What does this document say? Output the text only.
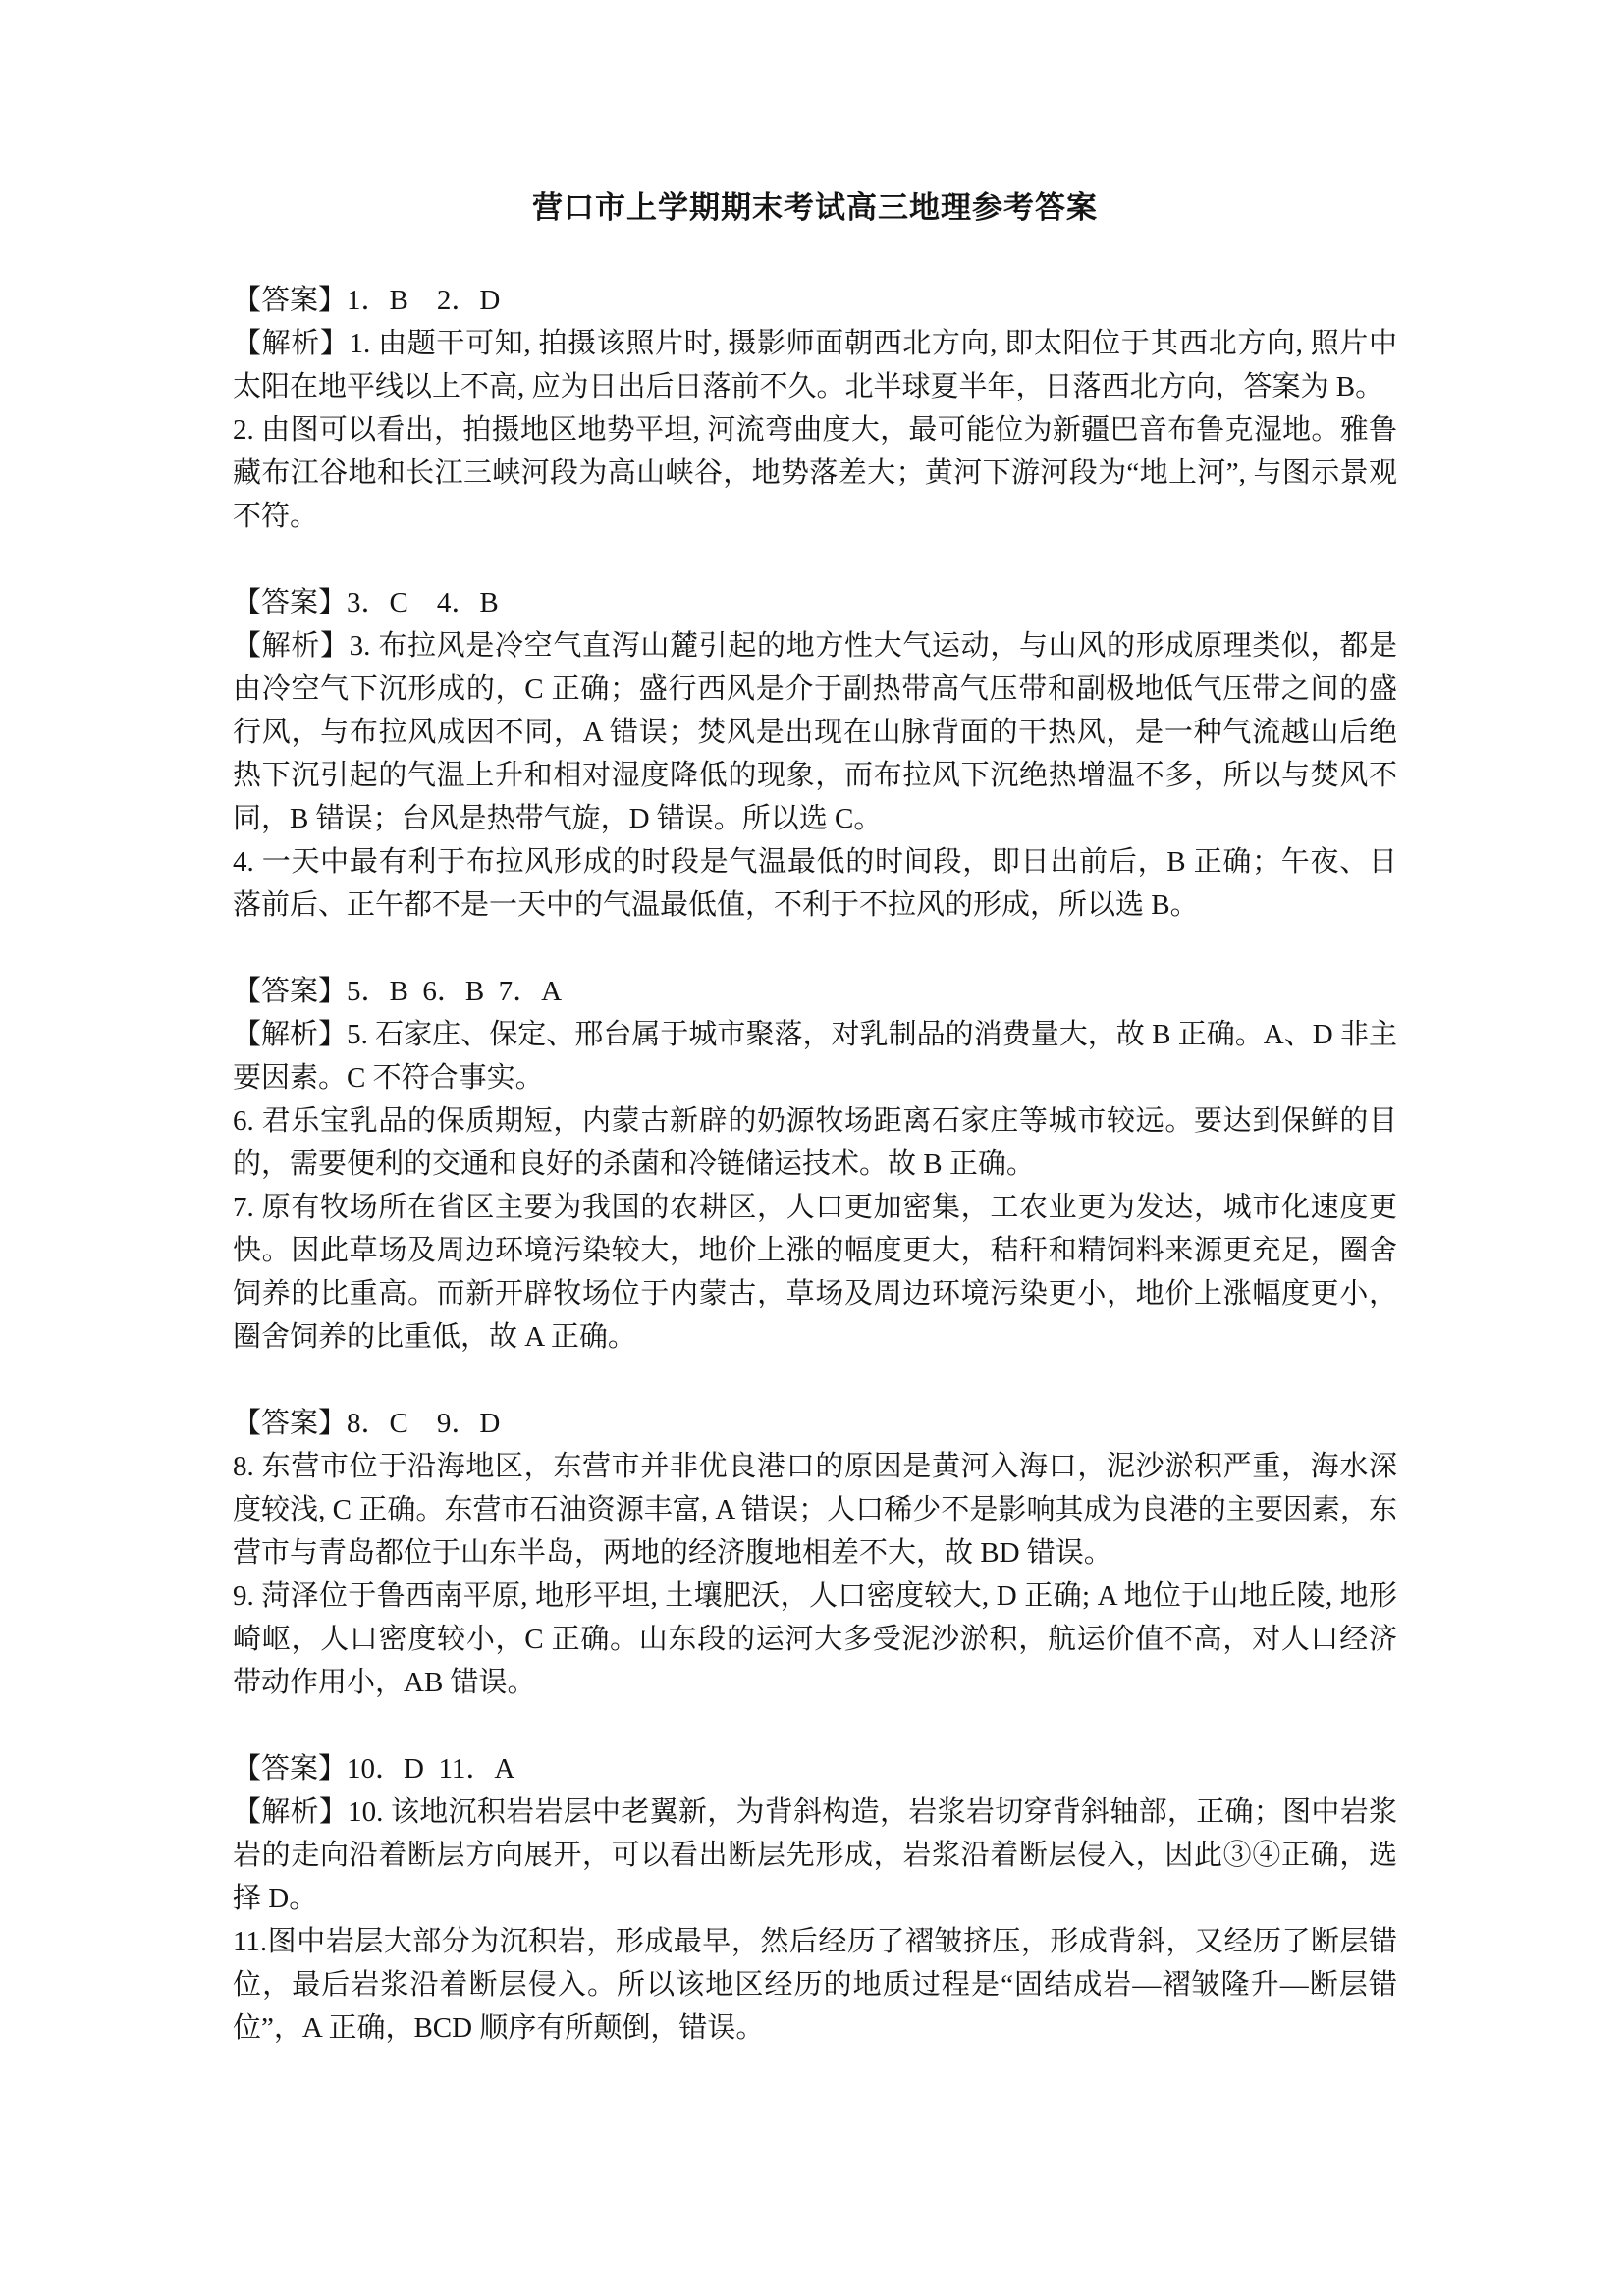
营口市上学期期末考试高三地理参考答案

【答案】1．B    2．D

【解析】1. 由题干可知, 拍摄该照片时, 摄影师面朝西北方向, 即太阳位于其西北方向, 照片中太阳在地平线以上不高, 应为日出后日落前不久。北半球夏半年，日落西北方向，答案为 B。

2. 由图可以看出，拍摄地区地势平坦, 河流弯曲度大，最可能位为新疆巴音布鲁克湿地。雅鲁藏布江谷地和长江三峡河段为高山峡谷，地势落差大；黄河下游河段为“地上河”, 与图示景观不符。

【答案】3．C    4．B

【解析】3. 布拉风是冷空气直泻山麓引起的地方性大气运动，与山风的形成原理类似，都是由冷空气下沉形成的，C 正确；盛行西风是介于副热带高气压带和副极地低气压带之间的盛行风，与布拉风成因不同，A 错误；焚风是出现在山脉背面的干热风，是一种气流越山后绝热下沉引起的气温上升和相对湿度降低的现象，而布拉风下沉绝热增温不多，所以与焚风不同，B 错误；台风是热带气旋，D 错误。所以选 C。

4. 一天中最有利于布拉风形成的时段是气温最低的时间段，即日出前后，B 正确；午夜、日落前后、正午都不是一天中的气温最低值，不利于不拉风的形成，所以选 B。

【答案】5．B  6．B  7．A

【解析】5. 石家庄、保定、邢台属于城市聚落，对乳制品的消费量大，故 B 正确。A、D 非主要因素。C 不符合事实。

6. 君乐宝乳品的保质期短，内蒙古新辟的奶源牧场距离石家庄等城市较远。要达到保鲜的目的，需要便利的交通和良好的杀菌和冷链储运技术。故 B 正确。

7. 原有牧场所在省区主要为我国的农耕区，人口更加密集，工农业更为发达，城市化速度更快。因此草场及周边环境污染较大，地价上涨的幅度更大，秸秆和精饲料来源更充足，圈舍饲养的比重高。而新开辟牧场位于内蒙古，草场及周边环境污染更小，地价上涨幅度更小，圈舍饲养的比重低，故 A 正确。

【答案】8．C    9．D

8. 东营市位于沿海地区，东营市并非优良港口的原因是黄河入海口，泥沙淤积严重，海水深度较浅, C 正确。东营市石油资源丰富, A 错误；人口稀少不是影响其成为良港的主要因素，东营市与青岛都位于山东半岛，两地的经济腹地相差不大，故 BD 错误。

9. 菏泽位于鲁西南平原, 地形平坦, 土壤肥沃，人口密度较大, D 正确; A 地位于山地丘陵, 地形崎岖，人口密度较小，C 正确。山东段的运河大多受泥沙淤积，航运价值不高，对人口经济带动作用小，AB 错误。

【答案】10．D  11．A

【解析】10. 该地沉积岩岩层中老翼新，为背斜构造，岩浆岩切穿背斜轴部，正确；图中岩浆岩的走向沿着断层方向展开，可以看出断层先形成，岩浆沿着断层侵入，因此③④正确，选择 D。

11.图中岩层大部分为沉积岩，形成最早，然后经历了褶皱挤压，形成背斜，又经历了断层错位，最后岩浆沿着断层侵入。所以该地区经历的地质过程是“固结成岩—褶皱隆升—断层错位”，A 正确，BCD 顺序有所颠倒，错误。
